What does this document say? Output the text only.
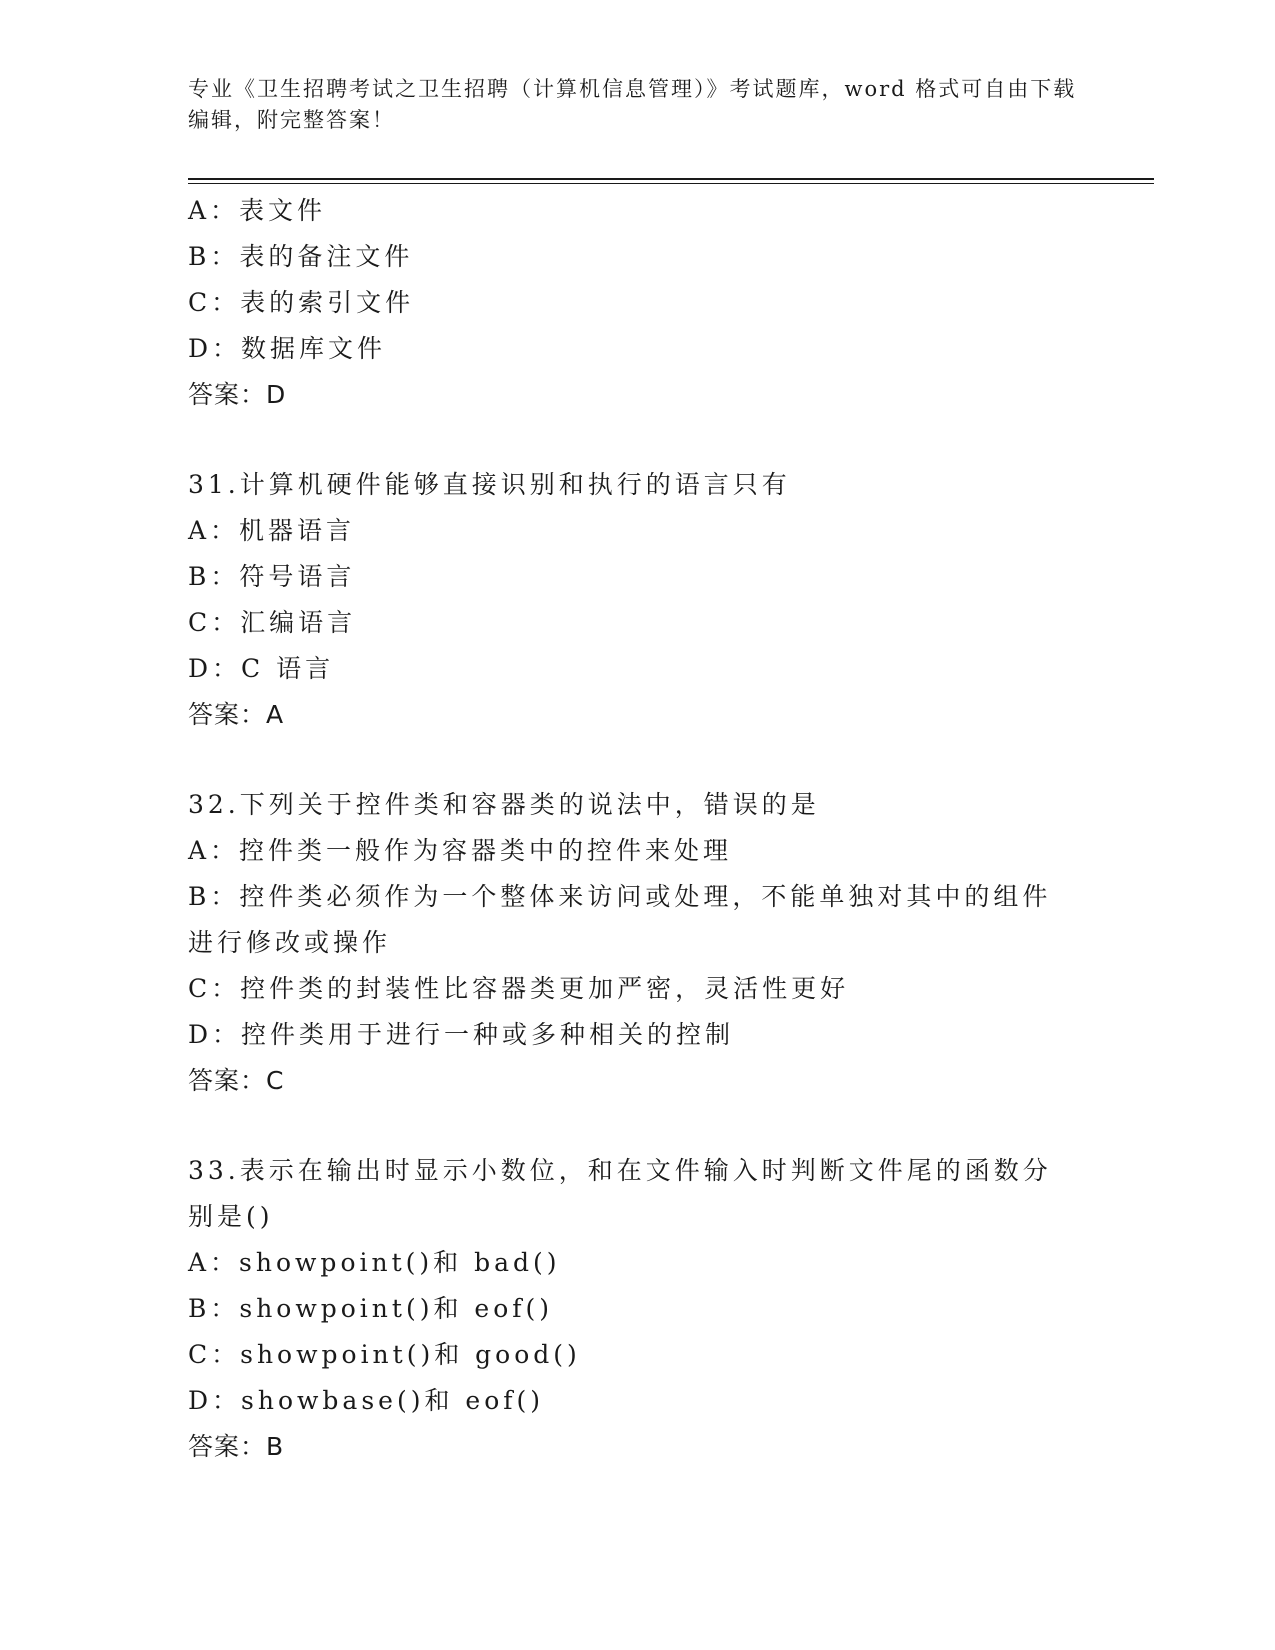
专业《卫生招聘考试之卫生招聘（计算机信息管理）》考试题库，word 格式可自由下载编辑，附完整答案！
A：表文件
B：表的备注文件
C：表的索引文件
D：数据库文件
答案：D
31.计算机硬件能够直接识别和执行的语言只有
A：机器语言
B：符号语言
C：汇编语言
D：C 语言
答案：A
32.下列关于控件类和容器类的说法中，错误的是
A：控件类一般作为容器类中的控件来处理
B：控件类必须作为一个整体来访问或处理，不能单独对其中的组件进行修改或操作
C：控件类的封装性比容器类更加严密，灵活性更好
D：控件类用于进行一种或多种相关的控制
答案：C
33.表示在输出时显示小数位，和在文件输入时判断文件尾的函数分别是()
A：showpoint()和 bad()
B：showpoint()和 eof()
C：showpoint()和 good()
D：showbase()和 eof()
答案：B
